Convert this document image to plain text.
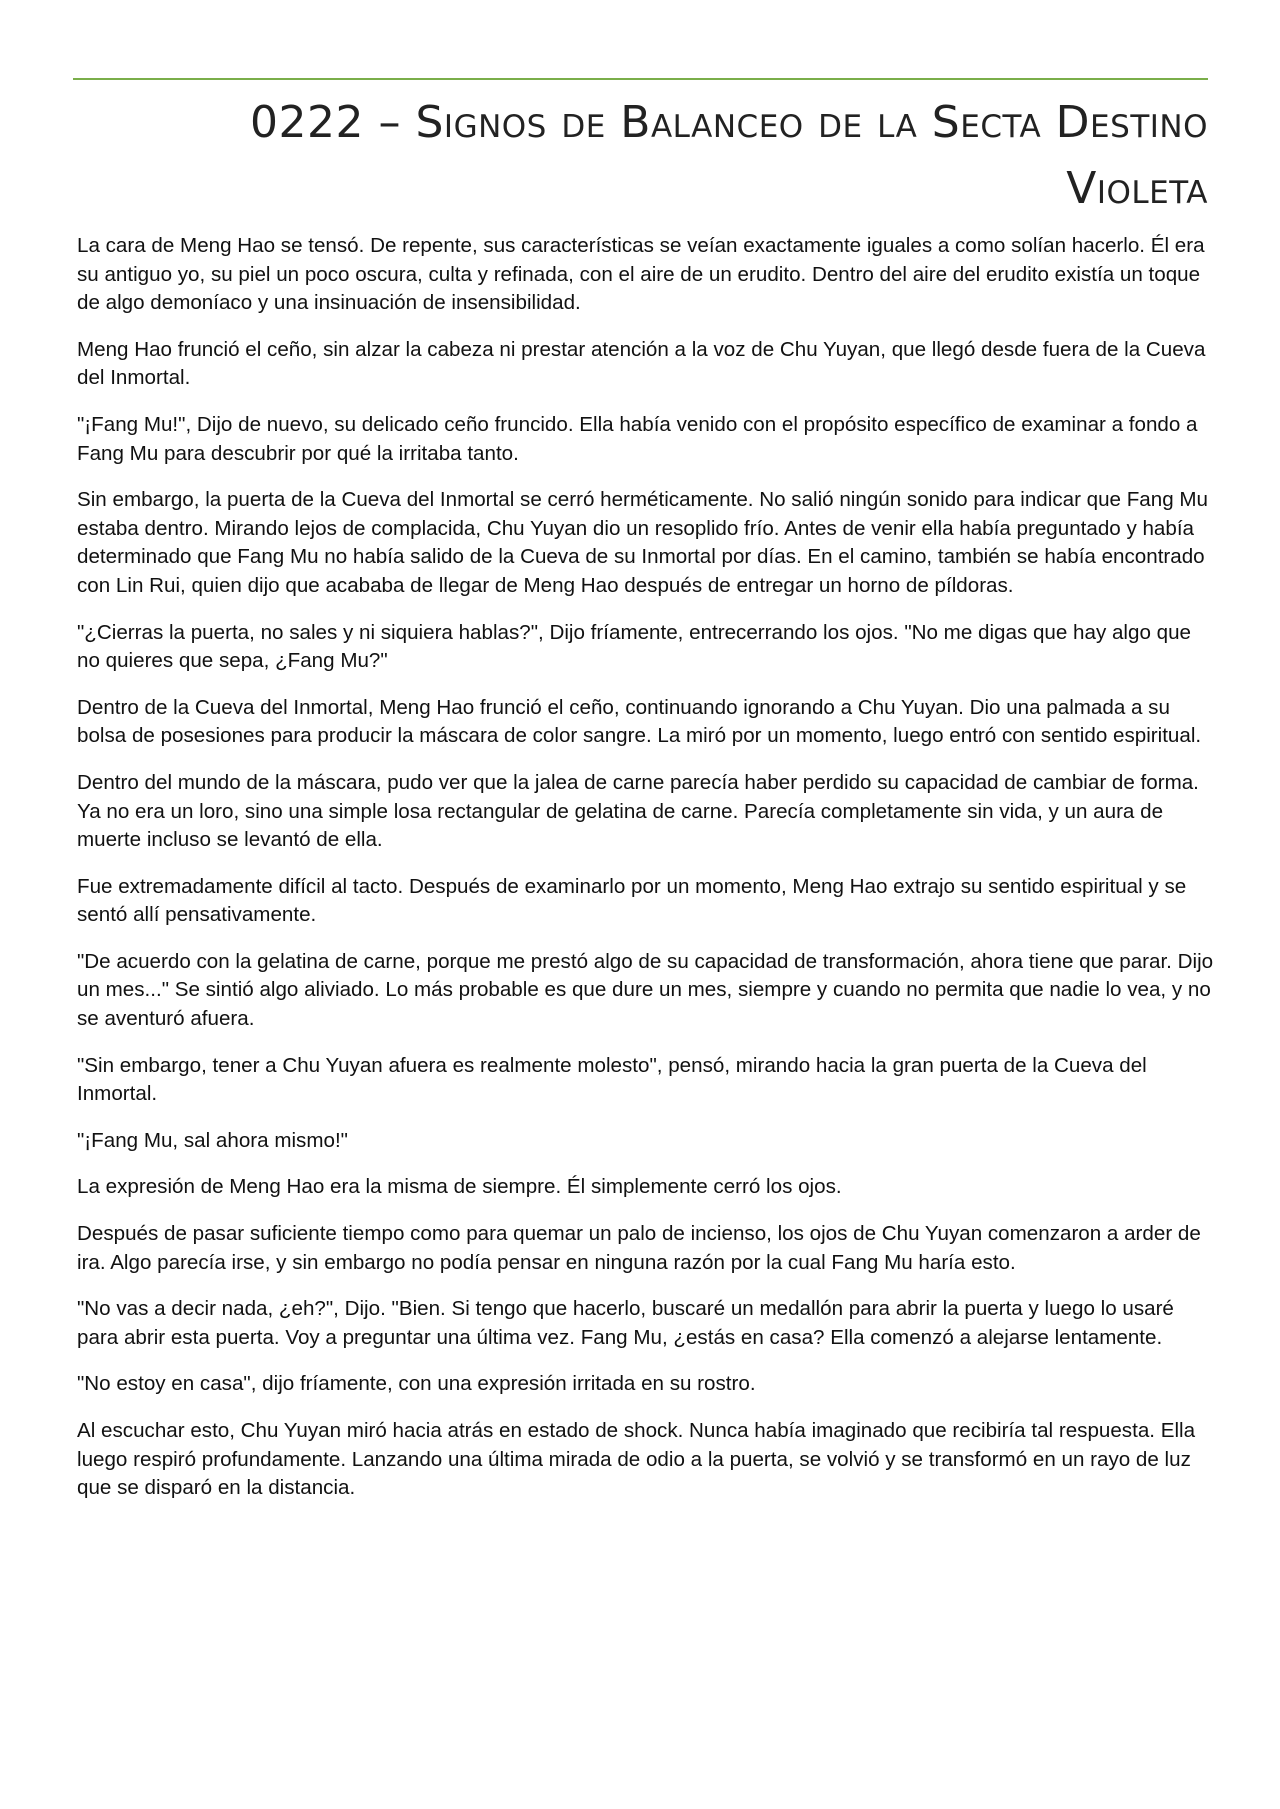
0222 – Signos de Balanceo de la Secta Destino Violeta

La cara de Meng Hao se tensó. De repente, sus características se veían exactamente iguales a como solían hacerlo. Él era su antiguo yo, su piel un poco oscura, culta y refinada, con el aire de un erudito. Dentro del aire del erudito existía un toque de algo demoníaco y una insinuación de insensibilidad.

Meng Hao frunció el ceño, sin alzar la cabeza ni prestar atención a la voz de Chu Yuyan, que llegó desde fuera de la Cueva del Inmortal.

"¡Fang Mu!", Dijo de nuevo, su delicado ceño fruncido. Ella había venido con el propósito específico de examinar a fondo a Fang Mu para descubrir por qué la irritaba tanto.

Sin embargo, la puerta de la Cueva del Inmortal se cerró herméticamente. No salió ningún sonido para indicar que Fang Mu estaba dentro. Mirando lejos de complacida, Chu Yuyan dio un resoplido frío. Antes de venir ella había preguntado y había determinado que Fang Mu no había salido de la Cueva de su Inmortal por días. En el camino, también se había encontrado con Lin Rui, quien dijo que acababa de llegar de Meng Hao después de entregar un horno de píldoras.

"¿Cierras la puerta, no sales y ni siquiera hablas?", Dijo fríamente, entrecerrando los ojos. "No me digas que hay algo que no quieres que sepa, ¿Fang Mu?"

Dentro de la Cueva del Inmortal, Meng Hao frunció el ceño, continuando ignorando a Chu Yuyan. Dio una palmada a su bolsa de posesiones para producir la máscara de color sangre. La miró por un momento, luego entró con sentido espiritual.

Dentro del mundo de la máscara, pudo ver que la jalea de carne parecía haber perdido su capacidad de cambiar de forma. Ya no era un loro, sino una simple losa rectangular de gelatina de carne. Parecía completamente sin vida, y un aura de muerte incluso se levantó de ella.

Fue extremadamente difícil al tacto. Después de examinarlo por un momento, Meng Hao extrajo su sentido espiritual y se sentó allí pensativamente.

"De acuerdo con la gelatina de carne, porque me prestó algo de su capacidad de transformación, ahora tiene que parar. Dijo un mes..." Se sintió algo aliviado. Lo más probable es que dure un mes, siempre y cuando no permita que nadie lo vea, y no se aventuró afuera.

"Sin embargo, tener a Chu Yuyan afuera es realmente molesto", pensó, mirando hacia la gran puerta de la Cueva del Inmortal.

"¡Fang Mu, sal ahora mismo!"

La expresión de Meng Hao era la misma de siempre. Él simplemente cerró los ojos.

Después de pasar suficiente tiempo como para quemar un palo de incienso, los ojos de Chu Yuyan comenzaron a arder de ira. Algo parecía irse, y sin embargo no podía pensar en ninguna razón por la cual Fang Mu haría esto.

"No vas a decir nada, ¿eh?", Dijo. "Bien. Si tengo que hacerlo, buscaré un medallón para abrir la puerta y luego lo usaré para abrir esta puerta. Voy a preguntar una última vez. Fang Mu, ¿estás en casa? Ella comenzó a alejarse lentamente.

"No estoy en casa", dijo fríamente, con una expresión irritada en su rostro.

Al escuchar esto, Chu Yuyan miró hacia atrás en estado de shock. Nunca había imaginado que recibiría tal respuesta. Ella luego respiró profundamente. Lanzando una última mirada de odio a la puerta, se volvió y se transformó en un rayo de luz que se disparó en la distancia.
